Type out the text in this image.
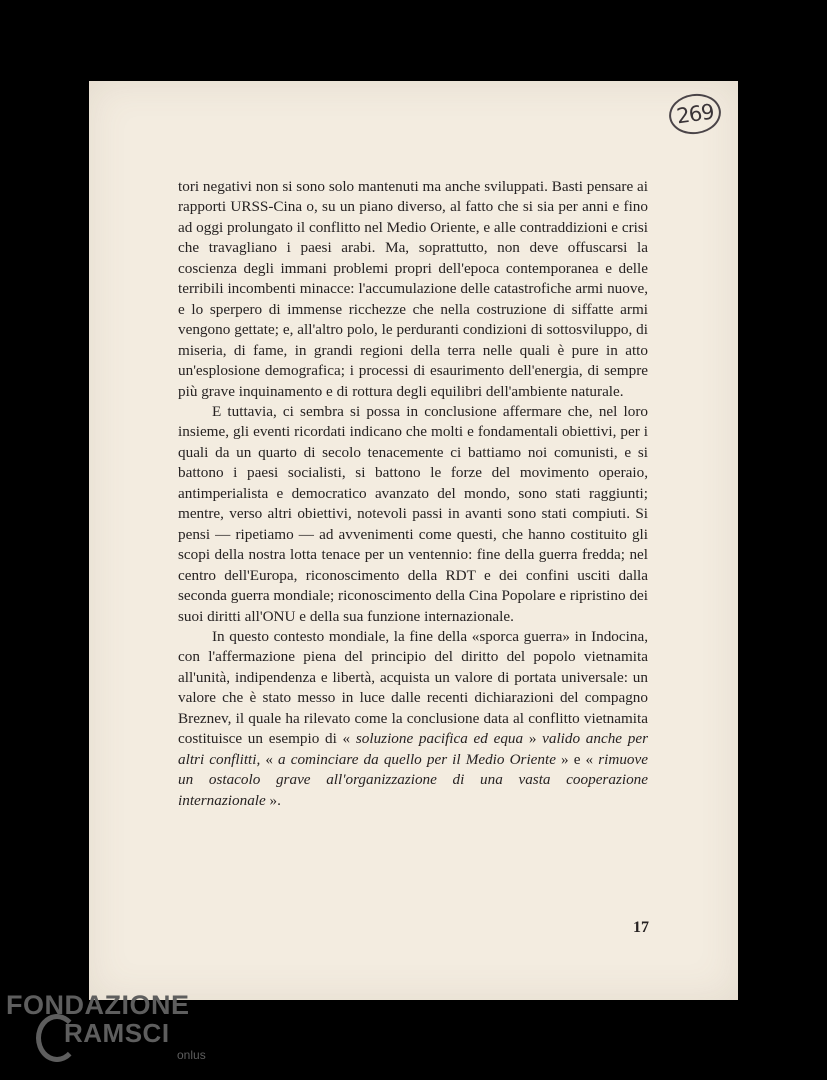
269

tori negativi non si sono solo mantenuti ma anche sviluppati. Basti pensare ai rapporti URSS-Cina o, su un piano diverso, al fatto che si sia per anni e fino ad oggi prolungato il conflitto nel Medio Oriente, e alle contraddizioni e crisi che travagliano i paesi arabi. Ma, soprattutto, non deve offuscarsi la coscienza degli immani problemi propri dell'epoca contemporanea e delle terribili incombenti minacce: l'accumulazione delle catastrofiche armi nuove, e lo sperpero di immense ricchezze che nella costruzione di siffatte armi vengono gettate; e, all'altro polo, le perduranti condizioni di sottosviluppo, di miseria, di fame, in grandi regioni della terra nelle quali è pure in atto un'esplosione demografica; i processi di esaurimento dell'energia, di sempre più grave inquinamento e di rottura degli equilibri dell'ambiente naturale.

E tuttavia, ci sembra si possa in conclusione affermare che, nel loro insieme, gli eventi ricordati indicano che molti e fondamentali obiettivi, per i quali da un quarto di secolo tenacemente ci battiamo noi comunisti, e si battono i paesi socialisti, si battono le forze del movimento operaio, antimperialista e democratico avanzato del mondo, sono stati raggiunti; mentre, verso altri obiettivi, notevoli passi in avanti sono stati compiuti. Si pensi — ripetiamo — ad avvenimenti come questi, che hanno costituito gli scopi della nostra lotta tenace per un ventennio: fine della guerra fredda; nel centro dell'Europa, riconoscimento della RDT e dei confini usciti dalla seconda guerra mondiale; riconoscimento della Cina Popolare e ripristino dei suoi diritti all'ONU e della sua funzione internazionale.

In questo contesto mondiale, la fine della «sporca guerra» in Indocina, con l'affermazione piena del principio del diritto del popolo vietnamita all'unità, indipendenza e libertà, acquista un valore di portata universale: un valore che è stato messo in luce dalle recenti dichiarazioni del compagno Breznev, il quale ha rilevato come la conclusione data al conflitto vietnamita costituisce un esempio di « soluzione pacifica ed equa » valido anche per altri conflitti, « a cominciare da quello per il Medio Oriente » e « rimuove un ostacolo grave all'organizzazione di una vasta cooperazione internazionale ».

17
FONDAZIONE
RAMSCI
onlus
